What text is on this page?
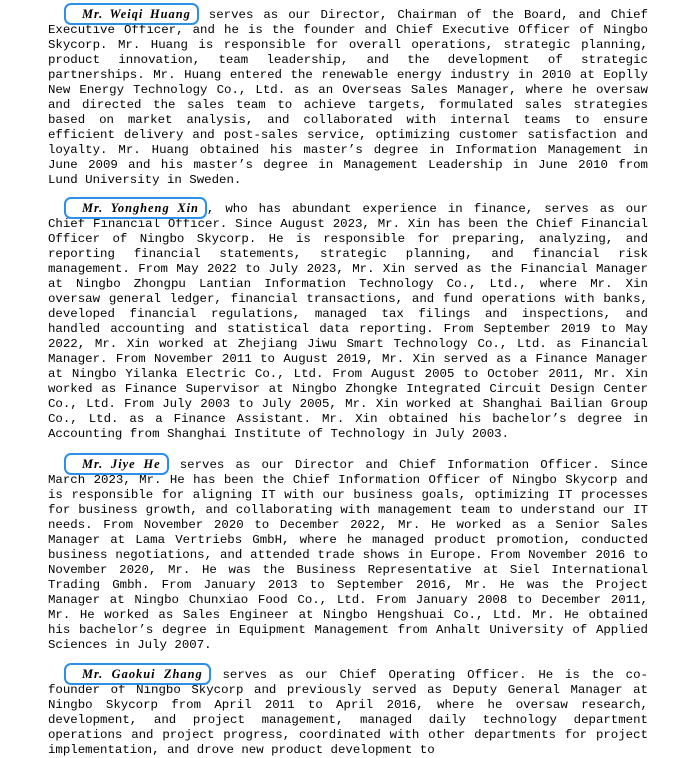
Mr. Weiqi Huang serves as our Director, Chairman of the Board, and Chief Executive Officer, and he is the founder and Chief Executive Officer of Ningbo Skycorp. Mr. Huang is responsible for overall operations, strategic planning, product innovation, team leadership, and the development of strategic partnerships. Mr. Huang entered the renewable energy industry in 2010 at Eoplly New Energy Technology Co., Ltd. as an Overseas Sales Manager, where he oversaw and directed the sales team to achieve targets, formulated sales strategies based on market analysis, and collaborated with internal teams to ensure efficient delivery and post-sales service, optimizing customer satisfaction and loyalty. Mr. Huang obtained his master’s degree in Information Management in June 2009 and his master’s degree in Management Leadership in June 2010 from Lund University in Sweden.

Mr. Yongheng Xin , who has abundant experience in finance, serves as our Chief Financial Officer. Since August 2023, Mr. Xin has been the Chief Financial Officer of Ningbo Skycorp. He is responsible for preparing, analyzing, and reporting financial statements, strategic planning, and financial risk management. From May 2022 to July 2023, Mr. Xin served as the Financial Manager at Ningbo Zhongpu Lantian Information Technology Co., Ltd., where Mr. Xin oversaw general ledger, financial transactions, and fund operations with banks, developed financial regulations, managed tax filings and inspections, and handled accounting and statistical data reporting. From September 2019 to May 2022, Mr. Xin worked at Zhejiang Jiwu Smart Technology Co., Ltd. as Financial Manager. From November 2011 to August 2019, Mr. Xin served as a Finance Manager at Ningbo Yilanka Electric Co., Ltd. From August 2005 to October 2011, Mr. Xin worked as Finance Supervisor at Ningbo Zhongke Integrated Circuit Design Center Co., Ltd. From July 2003 to July 2005, Mr. Xin worked at Shanghai Bailian Group Co., Ltd. as a Finance Assistant. Mr. Xin obtained his bachelor’s degree in Accounting from Shanghai Institute of Technology in July 2003.

Mr. Jiye He serves as our Director and Chief Information Officer. Since March 2023, Mr. He has been the Chief Information Officer of Ningbo Skycorp and is responsible for aligning IT with our business goals, optimizing IT processes for business growth, and collaborating with management team to understand our IT needs. From November 2020 to December 2022, Mr. He worked as a Senior Sales Manager at Lama Vertriebs GmbH, where he managed product promotion, conducted business negotiations, and attended trade shows in Europe. From November 2016 to November 2020, Mr. He was the Business Representative at Siel International Trading Gmbh. From January 2013 to September 2016, Mr. He was the Project Manager at Ningbo Chunxiao Food Co., Ltd. From January 2008 to December 2011, Mr. He worked as Sales Engineer at Ningbo Hengshuai Co., Ltd. Mr. He obtained his bachelor’s degree in Equipment Management from Anhalt University of Applied Sciences in July 2007.

Mr. Gaokui Zhang serves as our Chief Operating Officer. He is the co-founder of Ningbo Skycorp and previously served as Deputy General Manager at Ningbo Skycorp from April 2011 to April 2016, where he oversaw research, development, and project management, managed daily technology department operations and project progress, coordinated with other departments for project implementation, and drove new product development to
